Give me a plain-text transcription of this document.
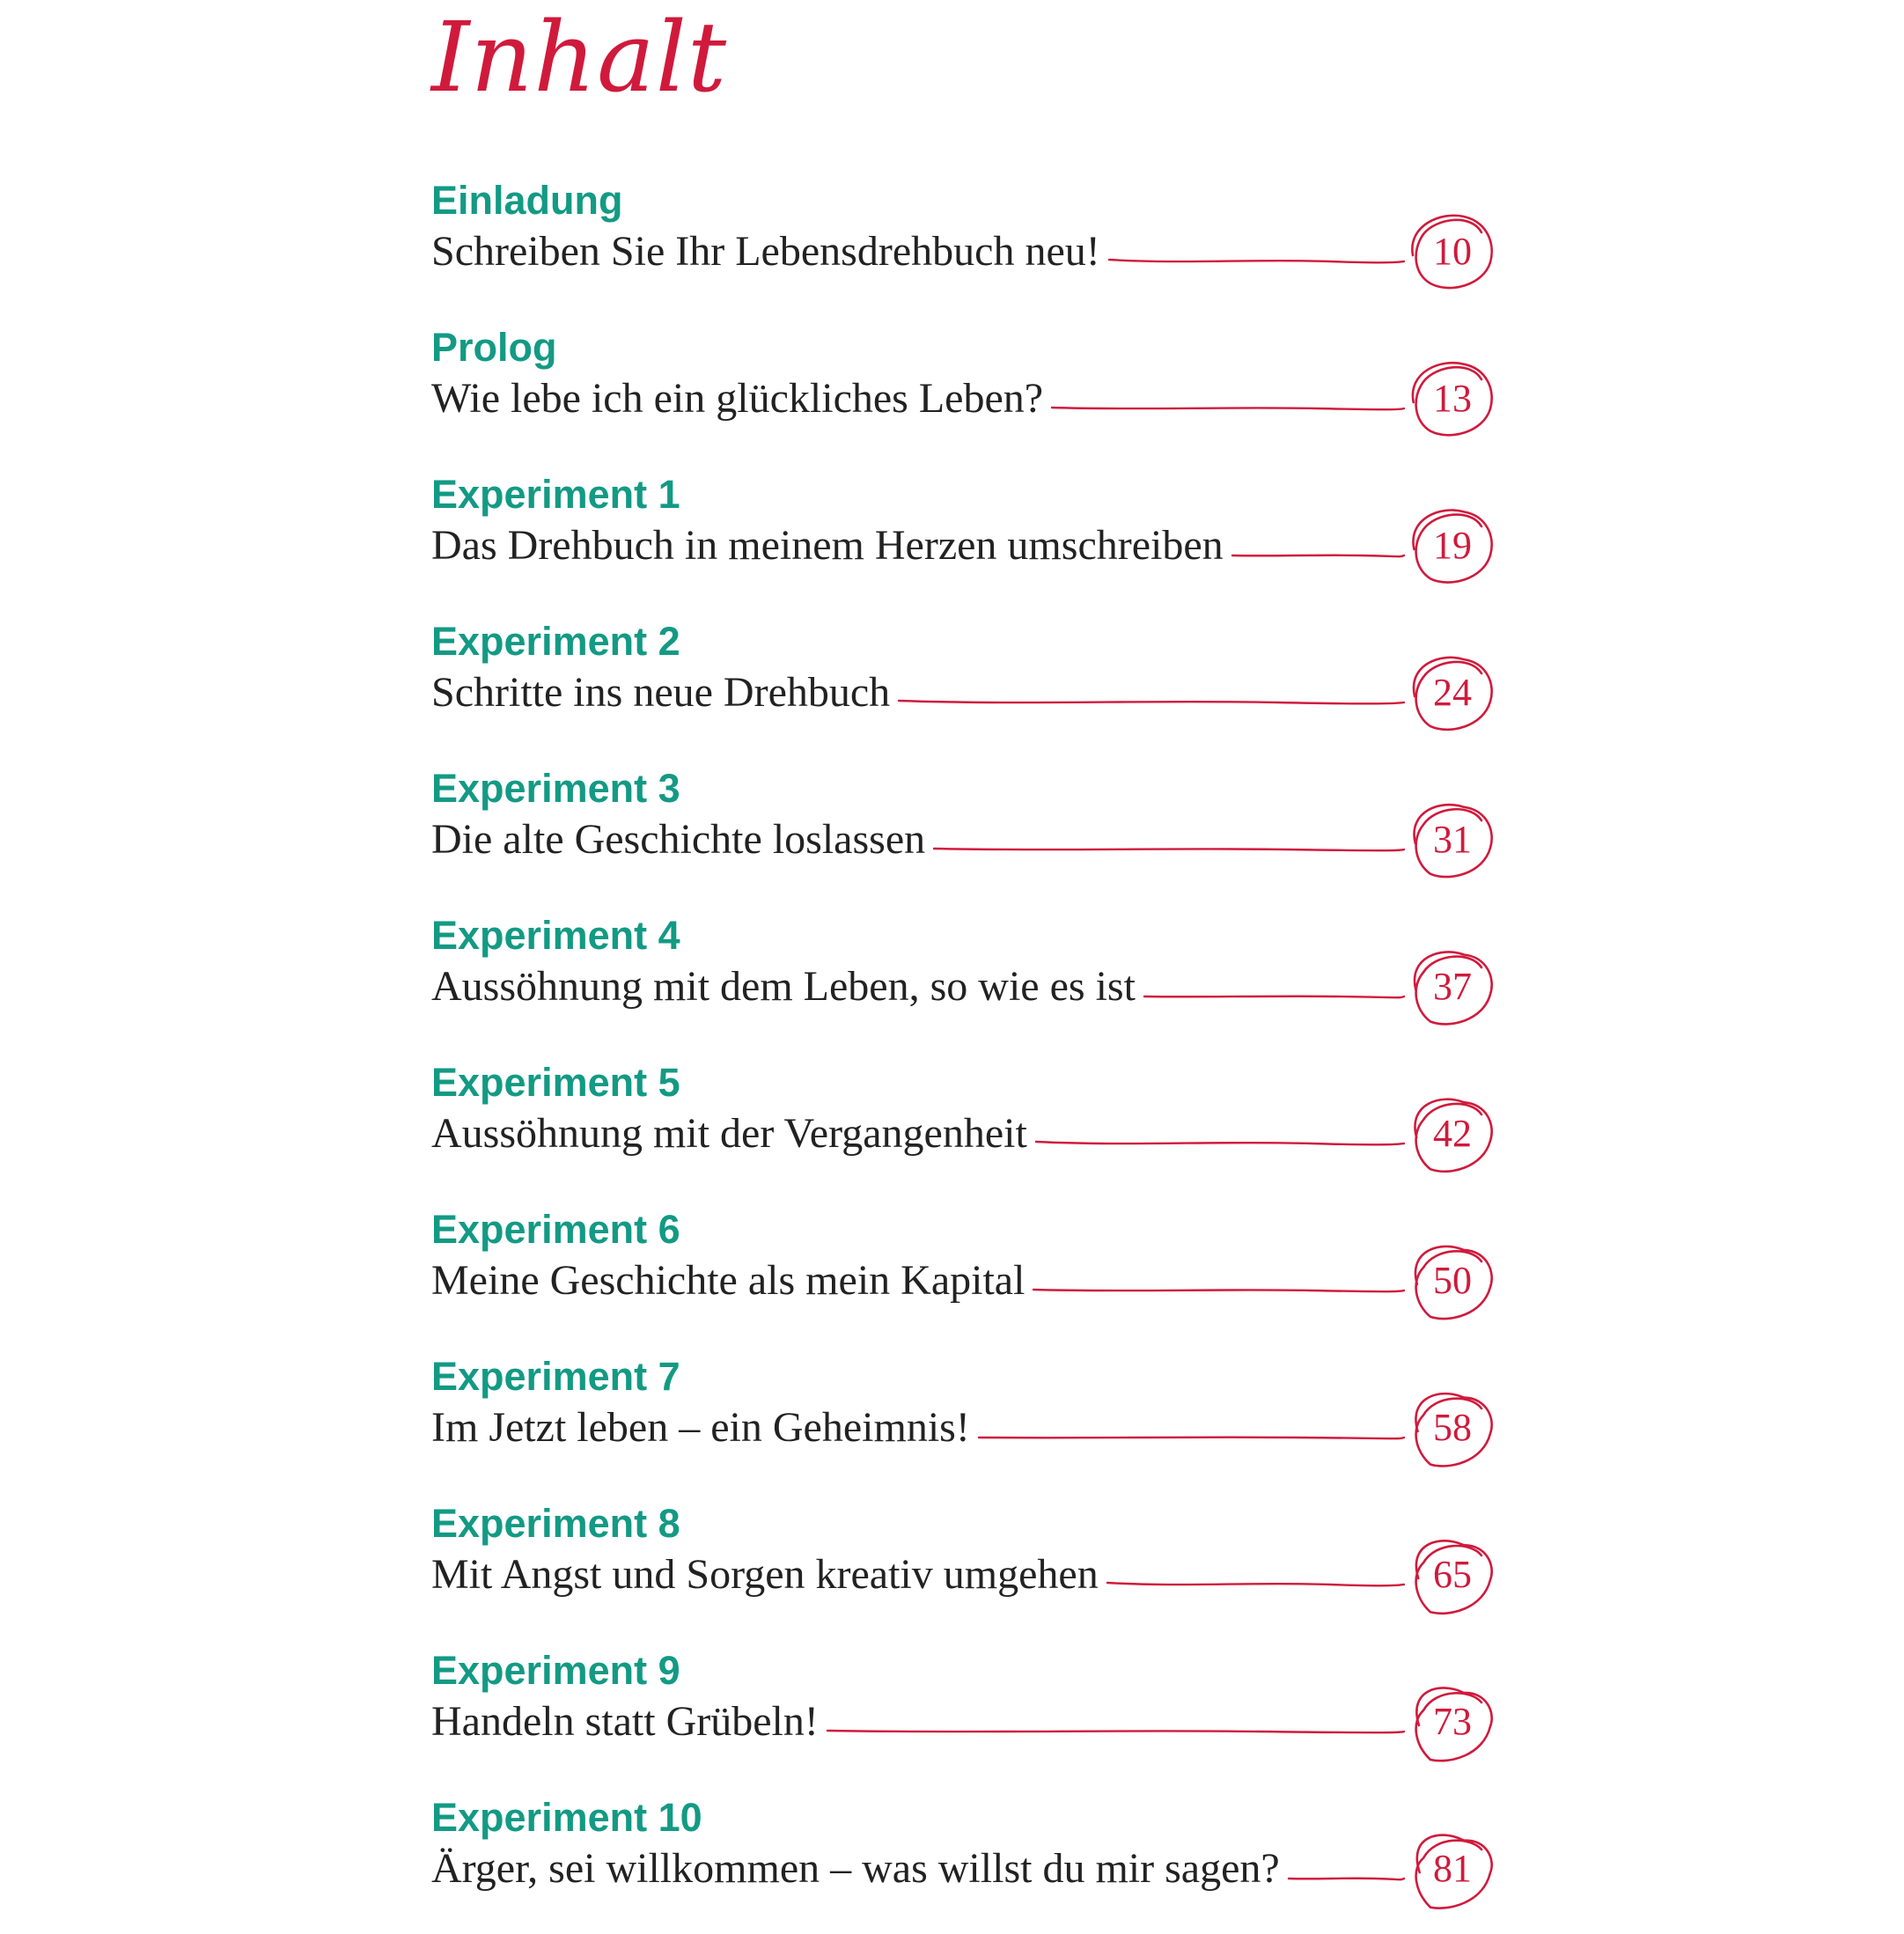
Inhalt
Einladung
Schreiben Sie Ihr Lebensdrehbuch neu!	10
Prolog
Wie lebe ich ein glückliches Leben?	13
Experiment 1
Das Drehbuch in meinem Herzen umschreiben	19
Experiment 2
Schritte ins neue Drehbuch	24
Experiment 3
Die alte Geschichte loslassen	31
Experiment 4
Aussöhnung mit dem Leben, so wie es ist	37
Experiment 5
Aussöhnung mit der Vergangenheit	42
Experiment 6
Meine Geschichte als mein Kapital	50
Experiment 7
Im Jetzt leben – ein Geheimnis!	58
Experiment 8
Mit Angst und Sorgen kreativ umgehen	65
Experiment 9
Handeln statt Grübeln!	73
Experiment 10
Ärger, sei willkommen – was willst du mir sagen?	81
